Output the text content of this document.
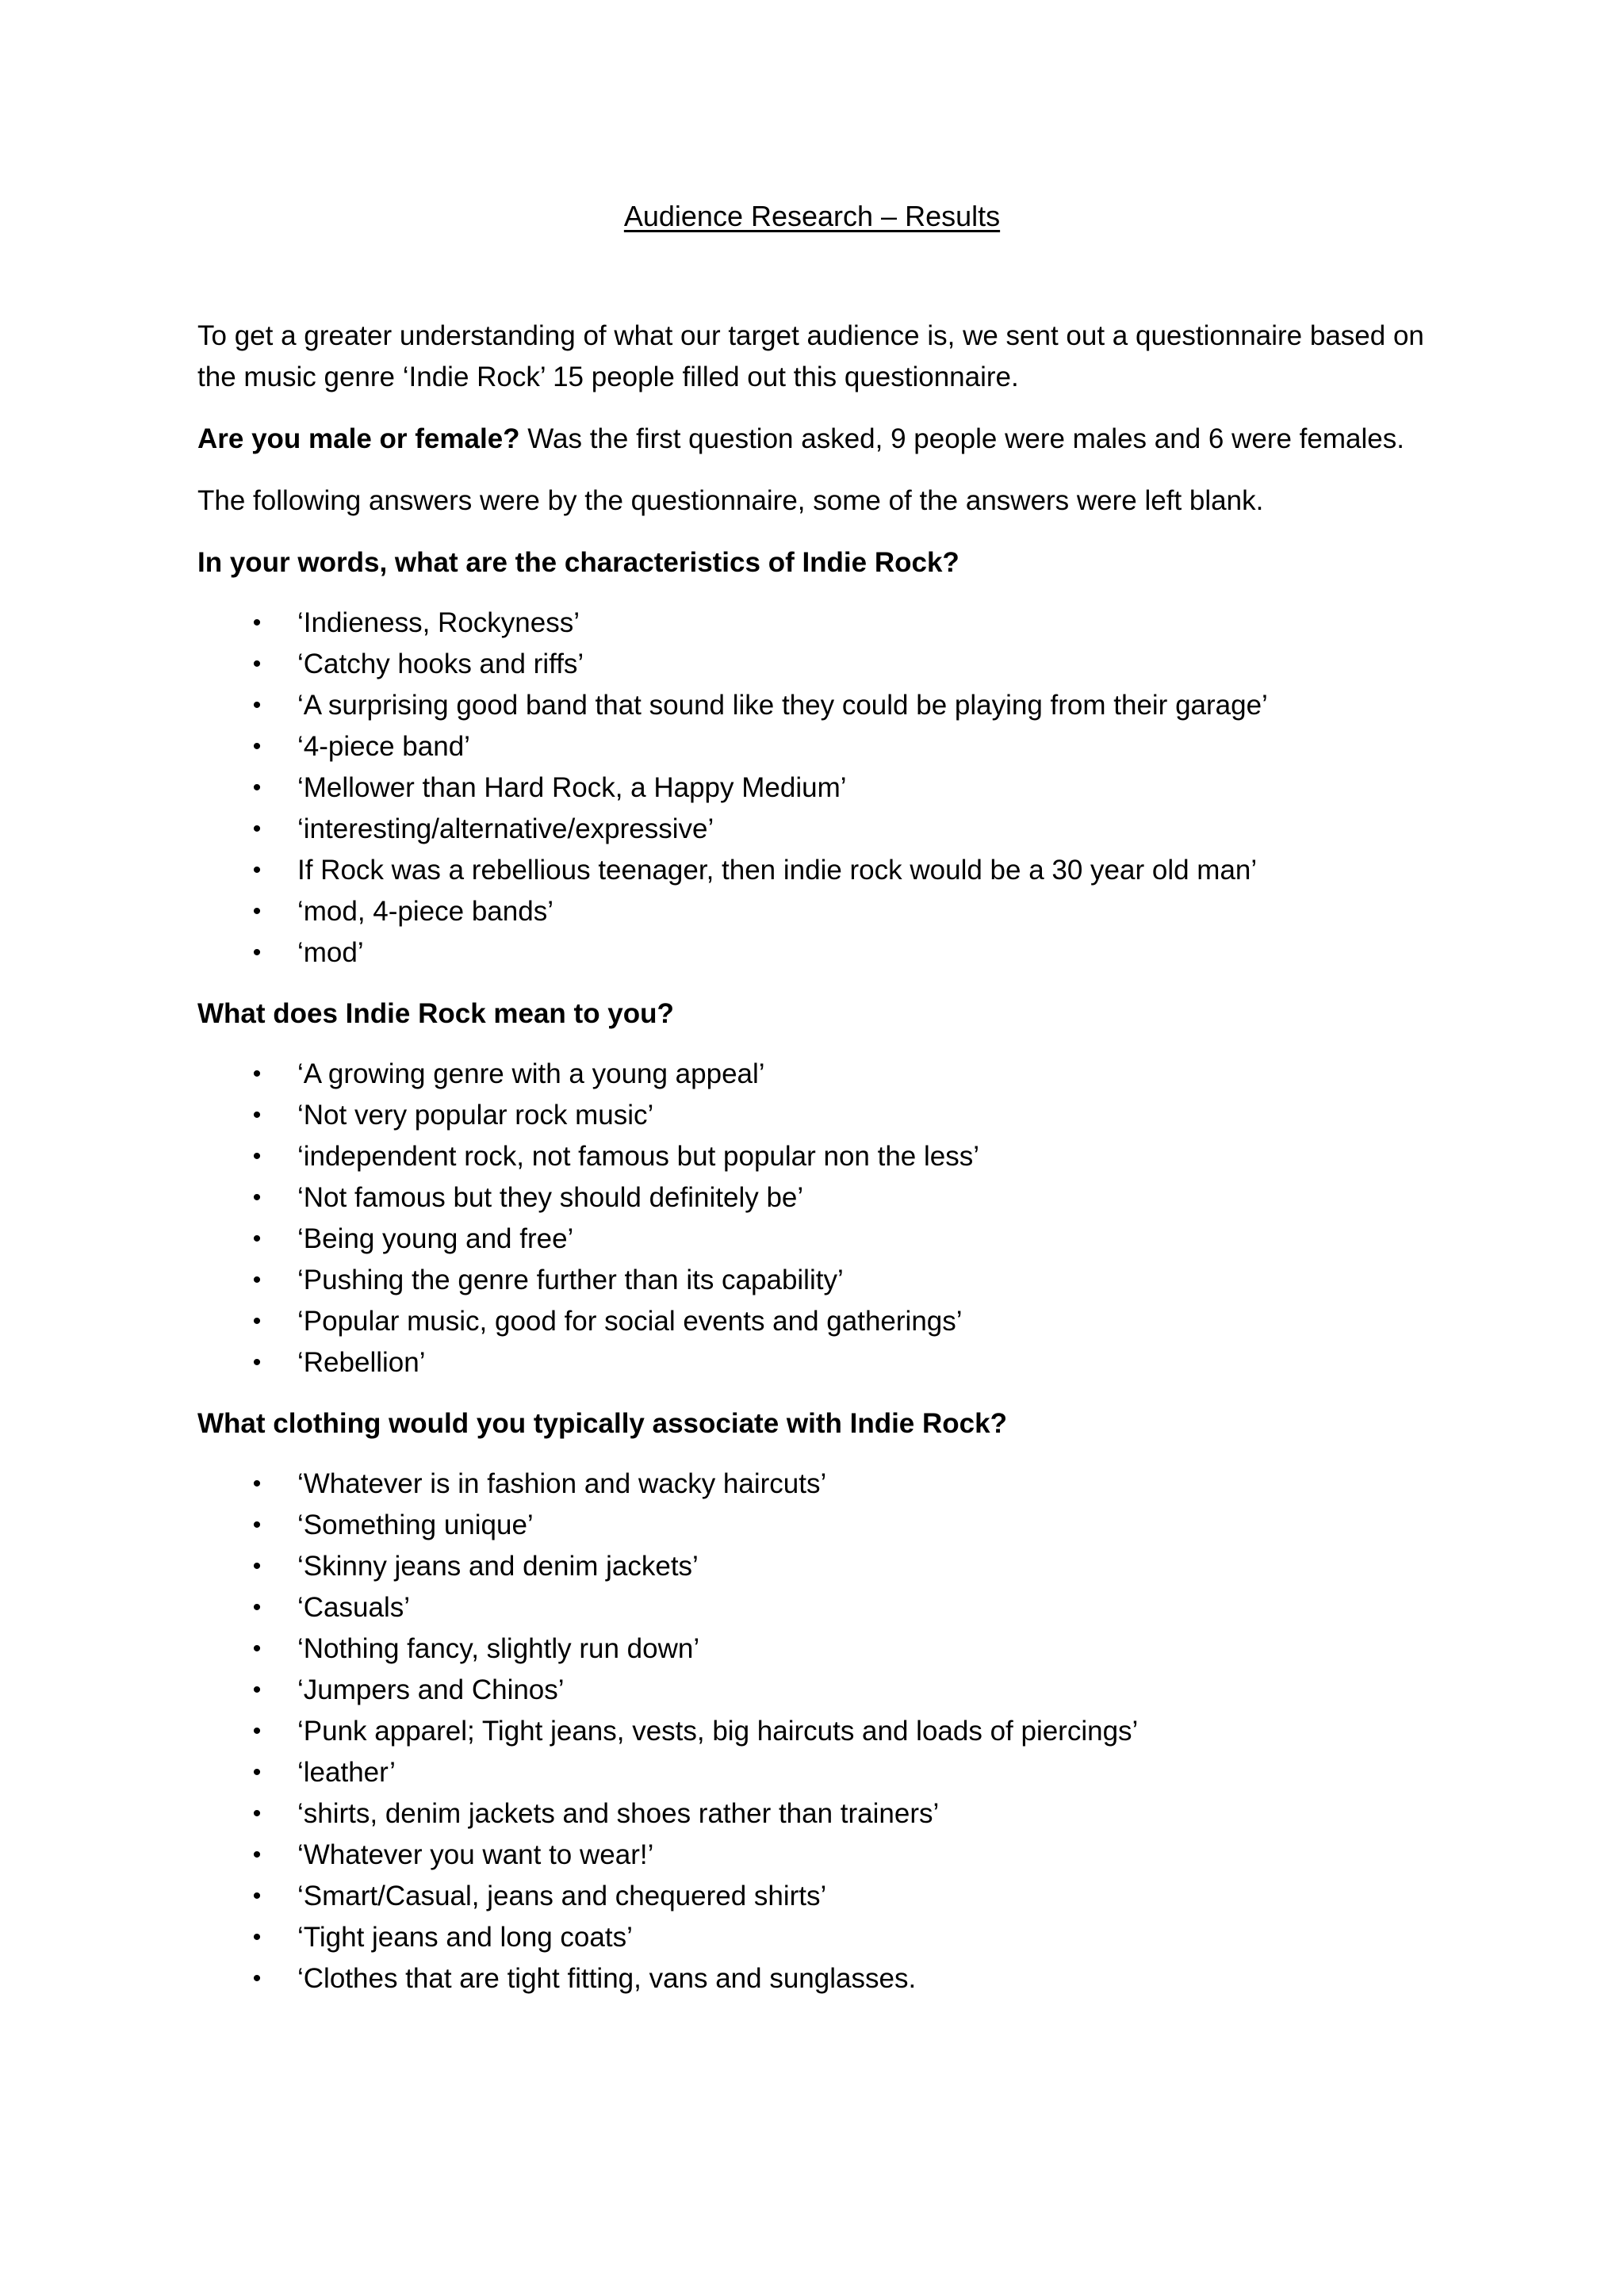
Audience Research – Results

To get a greater understanding of what our target audience is, we sent out a questionnaire based on

the music genre ‘Indie Rock’ 15 people filled out this questionnaire.

Are you male or female? Was the first question asked, 9 people were males and 6 were females.

The following answers were by the questionnaire, some of the answers were left blank.

In your words, what are the characteristics of Indie Rock?

• ‘Indieness, Rockyness’
• ‘Catchy hooks and riffs’
• ‘A surprising good band that sound like they could be playing from their garage’
• ‘4-piece band’
• ‘Mellower than Hard Rock, a Happy Medium’
• ‘interesting/alternative/expressive’
• If Rock was a rebellious teenager, then indie rock would be a 30 year old man’
• ‘mod, 4-piece bands’
• ‘mod’

What does Indie Rock mean to you?

• ‘A growing genre with a young appeal’
• ‘Not very popular rock music’
• ‘independent rock, not famous but popular non the less’
• ‘Not famous but they should definitely be’
• ‘Being young and free’
• ‘Pushing the genre further than its capability’
• ‘Popular music, good for social events and gatherings’
• ‘Rebellion’

What clothing would you typically associate with Indie Rock?

• ‘Whatever is in fashion and wacky haircuts’
• ‘Something unique’
• ‘Skinny jeans and denim jackets’
• ‘Casuals’
• ‘Nothing fancy, slightly run down’
• ‘Jumpers and Chinos’
• ‘Punk apparel; Tight jeans, vests, big haircuts and loads of piercings’
• ‘leather’
• ‘shirts, denim jackets and shoes rather than trainers’
• ‘Whatever you want to wear!’
• ‘Smart/Casual, jeans and chequered shirts’
• ‘Tight jeans and long coats’
• ‘Clothes that are tight fitting, vans and sunglasses.
